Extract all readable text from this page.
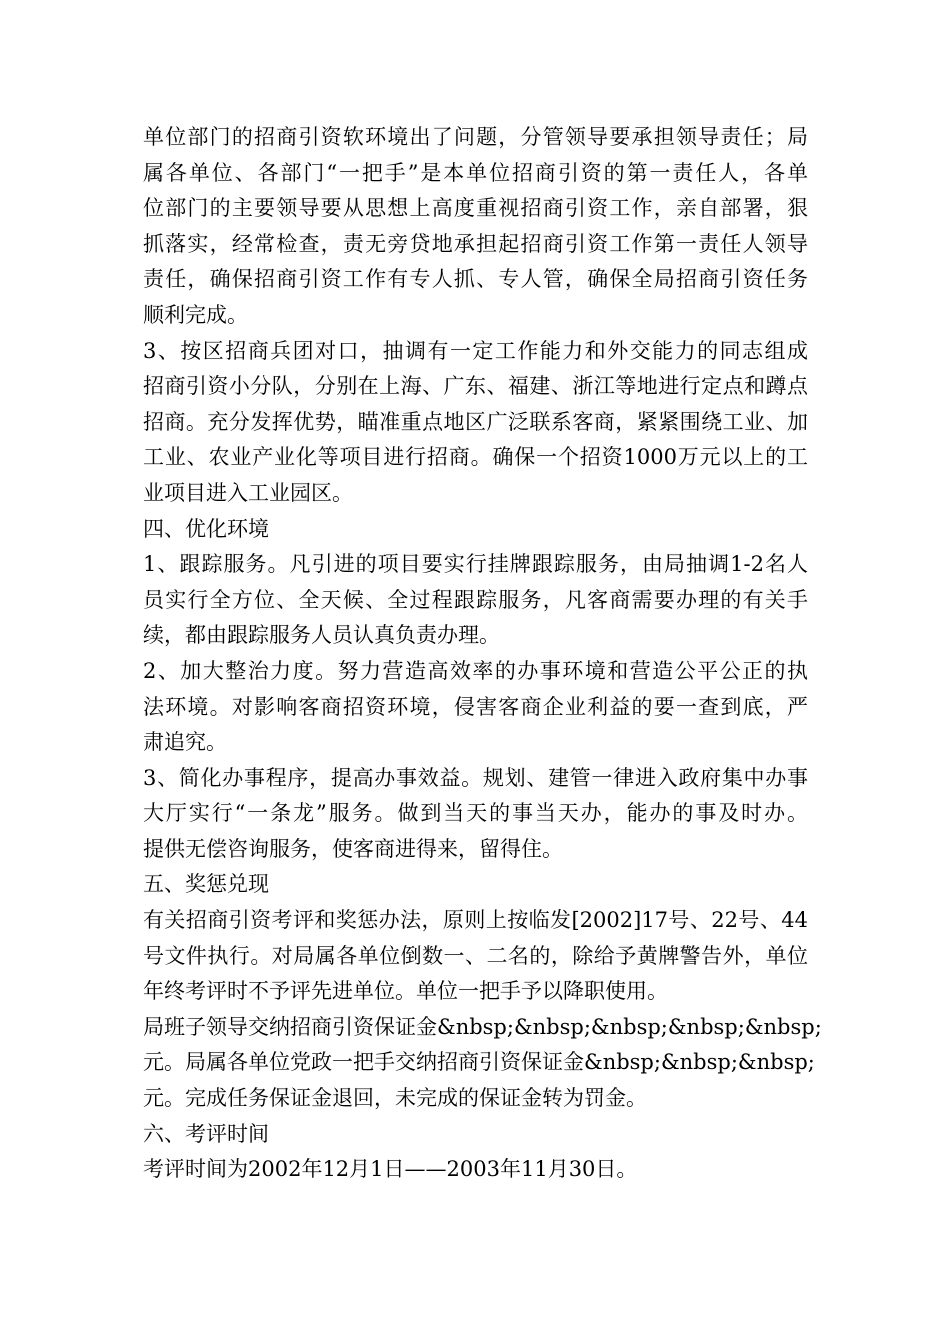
单位部门的招商引资软环境出了问题，分管领导要承担领导责任；局
属各单位、各部门“一把手”是本单位招商引资的第一责任人，各单
位部门的主要领导要从思想上高度重视招商引资工作，亲自部署，狠
抓落实，经常检查，责无旁贷地承担起招商引资工作第一责任人领导
责任，确保招商引资工作有专人抓、专人管，确保全局招商引资任务
顺利完成。
3、按区招商兵团对口，抽调有一定工作能力和外交能力的同志组成
招商引资小分队，分别在上海、广东、福建、浙江等地进行定点和蹲点
招商。充分发挥优势，瞄准重点地区广泛联系客商，紧紧围绕工业、加
工业、农业产业化等项目进行招商。确保一个招资1000万元以上的工
业项目进入工业园区。
四、优化环境
1、跟踪服务。凡引进的项目要实行挂牌跟踪服务，由局抽调1-2名人
员实行全方位、全天候、全过程跟踪服务，凡客商需要办理的有关手
续，都由跟踪服务人员认真负责办理。
2、加大整治力度。努力营造高效率的办事环境和营造公平公正的执
法环境。对影响客商招资环境，侵害客商企业利益的要一查到底，严
肃追究。
3、简化办事程序，提高办事效益。规划、建管一律进入政府集中办事
大厅实行“一条龙”服务。做到当天的事当天办，能办的事及时办。
提供无偿咨询服务，使客商进得来，留得住。
五、奖惩兑现
有关招商引资考评和奖惩办法，原则上按临发[2002]17号、22号、44
号文件执行。对局属各单位倒数一、二名的，除给予黄牌警告外，单位
年终考评时不予评先进单位。单位一把手予以降职使用。
局班子领导交纳招商引资保证金&nbsp;&nbsp;&nbsp;&nbsp;&nbsp;
元。局属各单位党政一把手交纳招商引资保证金&nbsp;&nbsp;&nbsp;
元。完成任务保证金退回，未完成的保证金转为罚金。
六、考评时间
考评时间为2002年12月1日——2003年11月30日。
